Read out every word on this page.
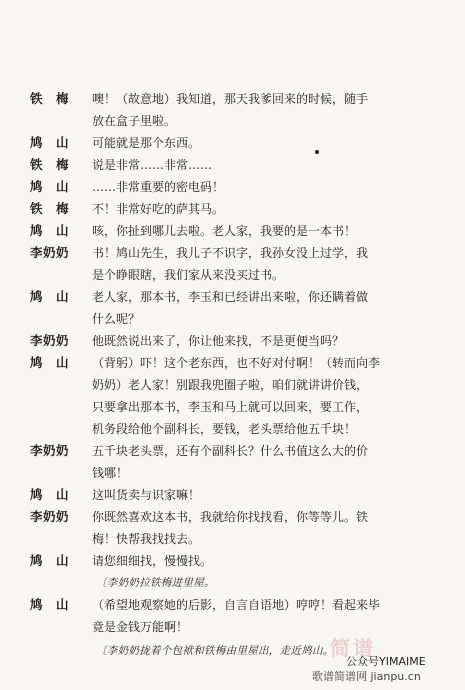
铁　梅	噢！（故意地）我知道，那天我爹回来的时候，随手
放在盒子里啦。
鸠　山	可能就是那个东西。
铁　梅	说是非常……非常……
鸠　山	……非常重要的密电码！
铁　梅	不！非常好吃的萨其马。
鸠　山	咳，你扯到哪儿去啦。老人家，我要的是一本书！
李奶奶	书！鸠山先生，我儿子不识字，我孙女没上过学，我
是个睁眼瞎，我们家从来没买过书。
鸠　山	老人家，那本书，李玉和已经讲出来啦，你还瞒着做
什么呢？
李奶奶	他既然说出来了，你让他来找，不是更便当吗？
鸠　山	（背躬）吓！这个老东西，也不好对付啊！（转而向李
奶奶）老人家！别跟我兜圈子啦，咱们就讲讲价钱，
只要拿出那本书，李玉和马上就可以回来，要工作，
机务段给他个副科长，要钱，老头票给他五千块！
李奶奶	五千块老头票，还有个副科长？什么书值这么大的价
钱哪！
鸠　山	这叫货卖与识家嘛！
李奶奶	你既然喜欢这本书，我就给你找找看，你等等儿。铁
梅！快帮我找找去。
鸠　山	请您细细找，慢慢找。
〔李奶奶拉铁梅进里屋。
鸠　山	（希望地观察她的后影，自言自语地）哼哼！看起来毕
竟是金钱万能啊！
〔李奶奶拢着个包袱和铁梅由里屋出，走近鸠山。
简谱
公众号YIMAIME
歌谱简谱网 jianpu.cn
